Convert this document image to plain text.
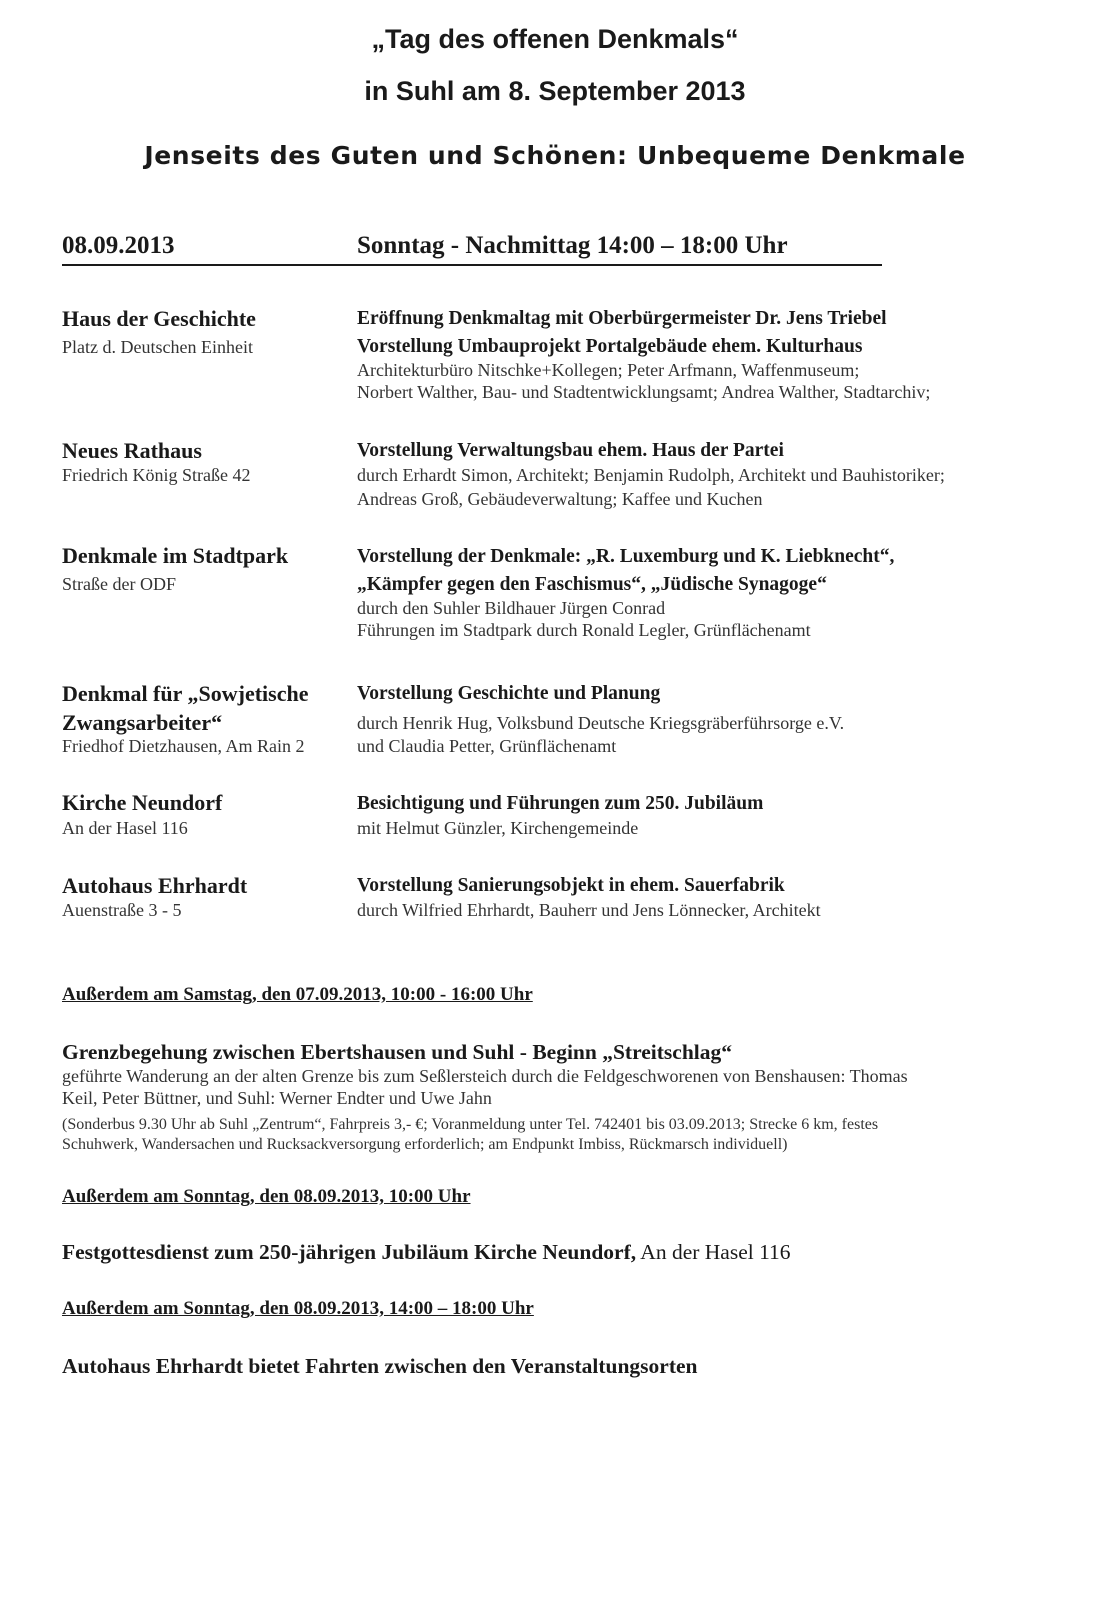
„Tag des offenen Denkmals“
in Suhl am 8. September 2013
Jenseits des Guten und Schönen: Unbequeme Denkmale
08.09.2013	Sonntag - Nachmittag 14:00 – 18:00 Uhr
Haus der Geschichte
Platz d. Deutschen Einheit
Eröffnung Denkmaltag mit Oberbürgermeister Dr. Jens Triebel
Vorstellung Umbauprojekt Portalgebäude ehem. Kulturhaus
Architekturbüro Nitschke+Kollegen; Peter Arfmann, Waffenmuseum;
Norbert Walther, Bau- und Stadtentwicklungsamt; Andrea Walther, Stadtarchiv;
Neues Rathaus
Friedrich König Straße 42
Vorstellung Verwaltungsbau ehem. Haus der Partei
durch Erhardt Simon, Architekt; Benjamin Rudolph, Architekt und Bauhistoriker;
Andreas Groß, Gebäudeverwaltung; Kaffee und Kuchen
Denkmale im Stadtpark
Straße der ODF
Vorstellung der Denkmale: „R. Luxemburg und K. Liebknecht“,
„Kämpfer gegen den Faschismus“, „Jüdische Synagoge“
durch den Suhler Bildhauer Jürgen Conrad
Führungen im Stadtpark durch Ronald Legler, Grünflächenamt
Denkmal für „Sowjetische
Zwangsarbeiter“
Friedhof Dietzhausen, Am Rain 2
Vorstellung Geschichte und Planung
durch Henrik Hug, Volksbund Deutsche Kriegsgräberführsorge e.V.
und Claudia Petter, Grünflächenamt
Kirche Neundorf
An der Hasel 116
Besichtigung und Führungen zum 250. Jubiläum
mit Helmut Günzler, Kirchengemeinde
Autohaus Ehrhardt
Auenstraße 3 - 5
Vorstellung Sanierungsobjekt in ehem. Sauerfabrik
durch Wilfried Ehrhardt, Bauherr und Jens Lönnecker, Architekt
Außerdem am Samstag, den 07.09.2013, 10:00 - 16:00 Uhr
Grenzbegehung zwischen Ebertshausen und Suhl - Beginn „Streitschlag“
geführte Wanderung an der alten Grenze bis zum Seßlersteich durch die Feldgeschworenen von Benshausen: Thomas
Keil, Peter Büttner, und Suhl: Werner Endter und Uwe Jahn
(Sonderbus 9.30 Uhr ab Suhl „Zentrum“, Fahrpreis 3,- €; Voranmeldung unter Tel. 742401 bis 03.09.2013; Strecke 6 km, festes
Schuhwerk, Wandersachen und Rucksackversorgung erforderlich; am Endpunkt Imbiss, Rückmarsch individuell)
Außerdem am Sonntag, den 08.09.2013, 10:00 Uhr
Festgottesdienst zum 250-jährigen Jubiläum Kirche Neundorf, An der Hasel 116
Außerdem am Sonntag, den 08.09.2013, 14:00 – 18:00 Uhr
Autohaus Ehrhardt bietet Fahrten zwischen den Veranstaltungsorten
